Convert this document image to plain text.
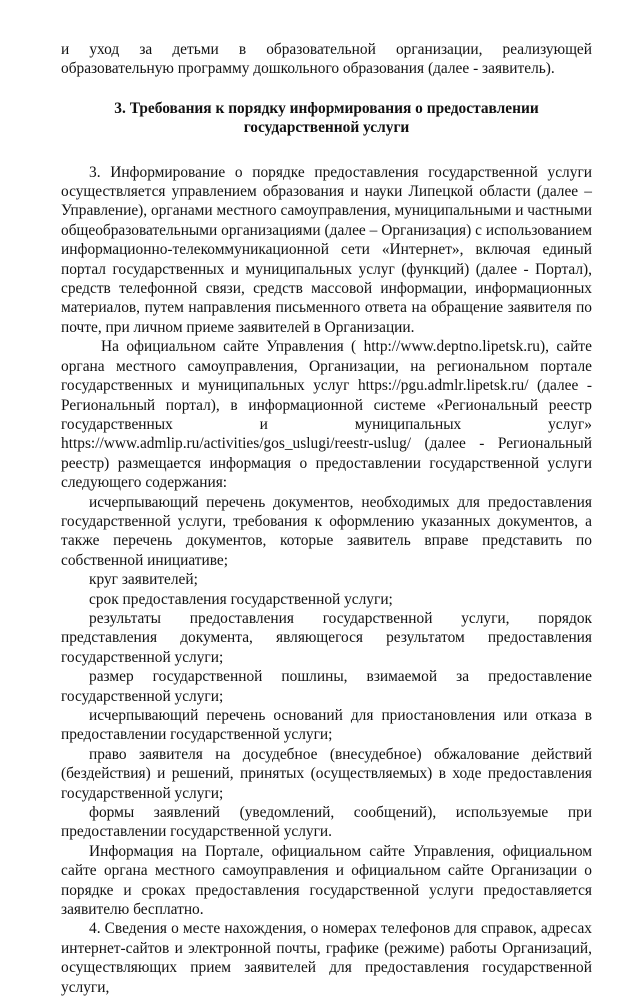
и уход за детьми в образовательной организации, реализующей образовательную программу дошкольного образования (далее - заявитель).

3. Требования к порядку информирования о предоставлении государственной услуги

3. Информирование о порядке предоставления государственной услуги осуществляется управлением образования и науки Липецкой области (далее – Управление), органами местного самоуправления, муниципальными и частными общеобразовательными организациями (далее – Организация) с использованием информационно-телекоммуникационной сети «Интернет», включая единый портал государственных и муниципальных услуг (функций) (далее - Портал), средств телефонной связи, средств массовой информации, информационных материалов, путем направления письменного ответа на обращение заявителя по почте, при личном приеме заявителей в Организации.

На официальном сайте Управления ( http://www.deptno.lipetsk.ru), сайте органа местного самоуправления, Организации, на региональном портале государственных и муниципальных услуг https://pgu.admlr.lipetsk.ru/ (далее - Региональный портал), в информационной системе «Региональный реестр государственных и муниципальных услуг» https://www.admlip.ru/activities/gos_uslugi/reestr-uslug/ (далее - Региональный реестр) размещается информация о предоставлении государственной услуги следующего содержания:

исчерпывающий перечень документов, необходимых для предоставления государственной услуги, требования к оформлению указанных документов, а также перечень документов, которые заявитель вправе представить по собственной инициативе;

круг заявителей;

срок предоставления государственной услуги;

результаты предоставления государственной услуги, порядок представления документа, являющегося результатом предоставления государственной услуги;

размер государственной пошлины, взимаемой за предоставление государственной услуги;

исчерпывающий перечень оснований для приостановления или отказа в предоставлении государственной услуги;

право заявителя на досудебное (внесудебное) обжалование действий (бездействия) и решений, принятых (осуществляемых) в ходе предоставления государственной услуги;

формы заявлений (уведомлений, сообщений), используемые при предоставлении государственной услуги.

Информация на Портале, официальном сайте Управления, официальном сайте органа местного самоуправления и официальном сайте Организации о порядке и сроках предоставления государственной услуги предоставляется заявителю бесплатно.

4. Сведения о месте нахождения, о номерах телефонов для справок, адресах интернет-сайтов и электронной почты, графике (режиме) работы Организаций, осуществляющих прием заявителей для предоставления государственной услуги,
